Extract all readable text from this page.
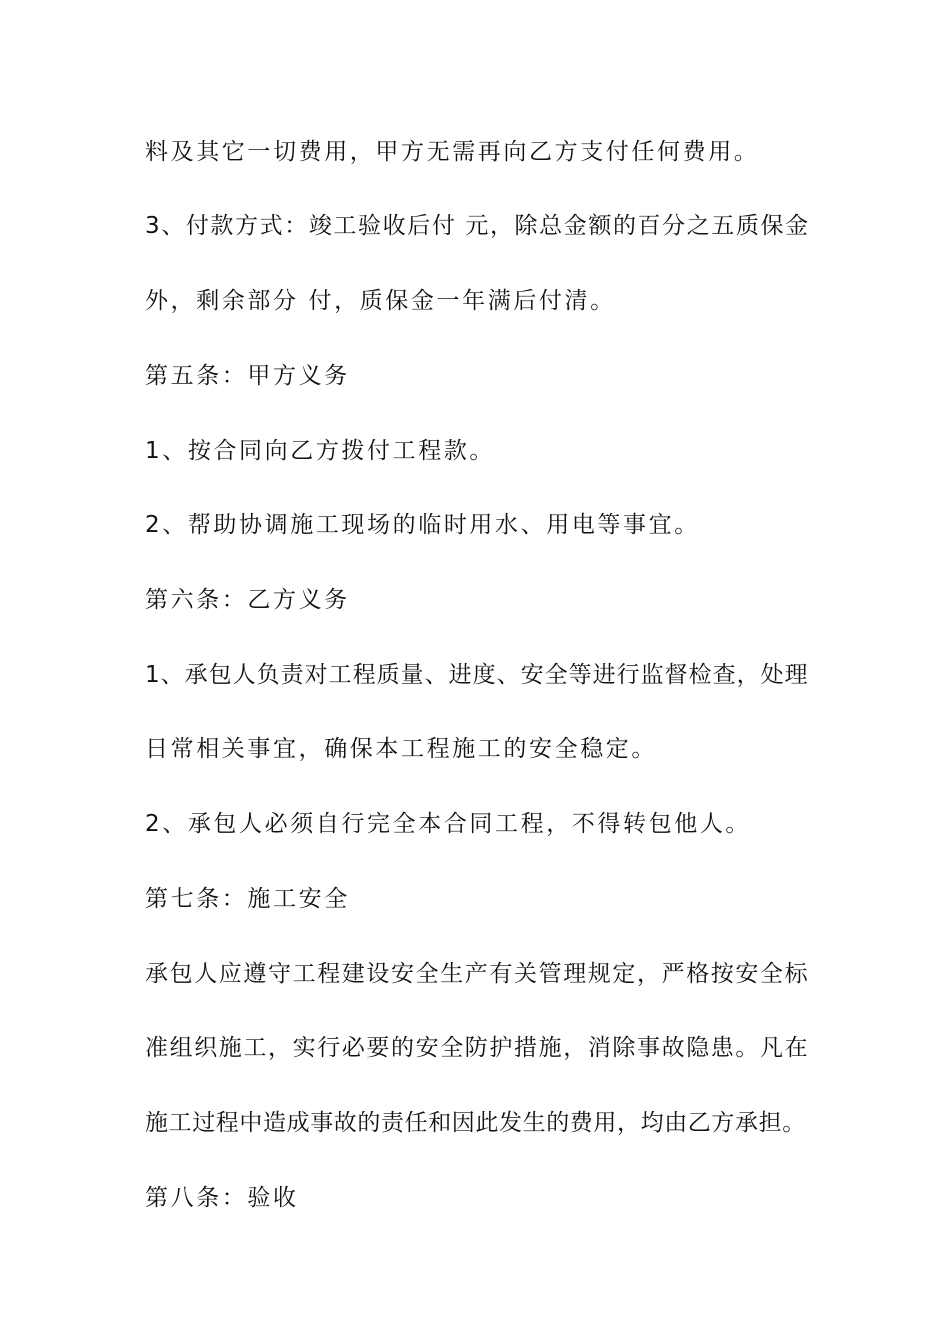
料及其它一切费用，甲方无需再向乙方支付任何费用。

3、付款方式：竣工验收后付 元，除总金额的百分之五质保金

外，剩余部分 付，质保金一年满后付清。

第五条：甲方义务

1、按合同向乙方拨付工程款。

2、帮助协调施工现场的临时用水、用电等事宜。

第六条：乙方义务

1、承包人负责对工程质量、进度、安全等进行监督检查，处理

日常相关事宜，确保本工程施工的安全稳定。

2、承包人必须自行完全本合同工程，不得转包他人。

第七条：施工安全

承包人应遵守工程建设安全生产有关管理规定，严格按安全标

准组织施工，实行必要的安全防护措施，消除事故隐患。凡在

施工过程中造成事故的责任和因此发生的费用，均由乙方承担。

第八条：验收
